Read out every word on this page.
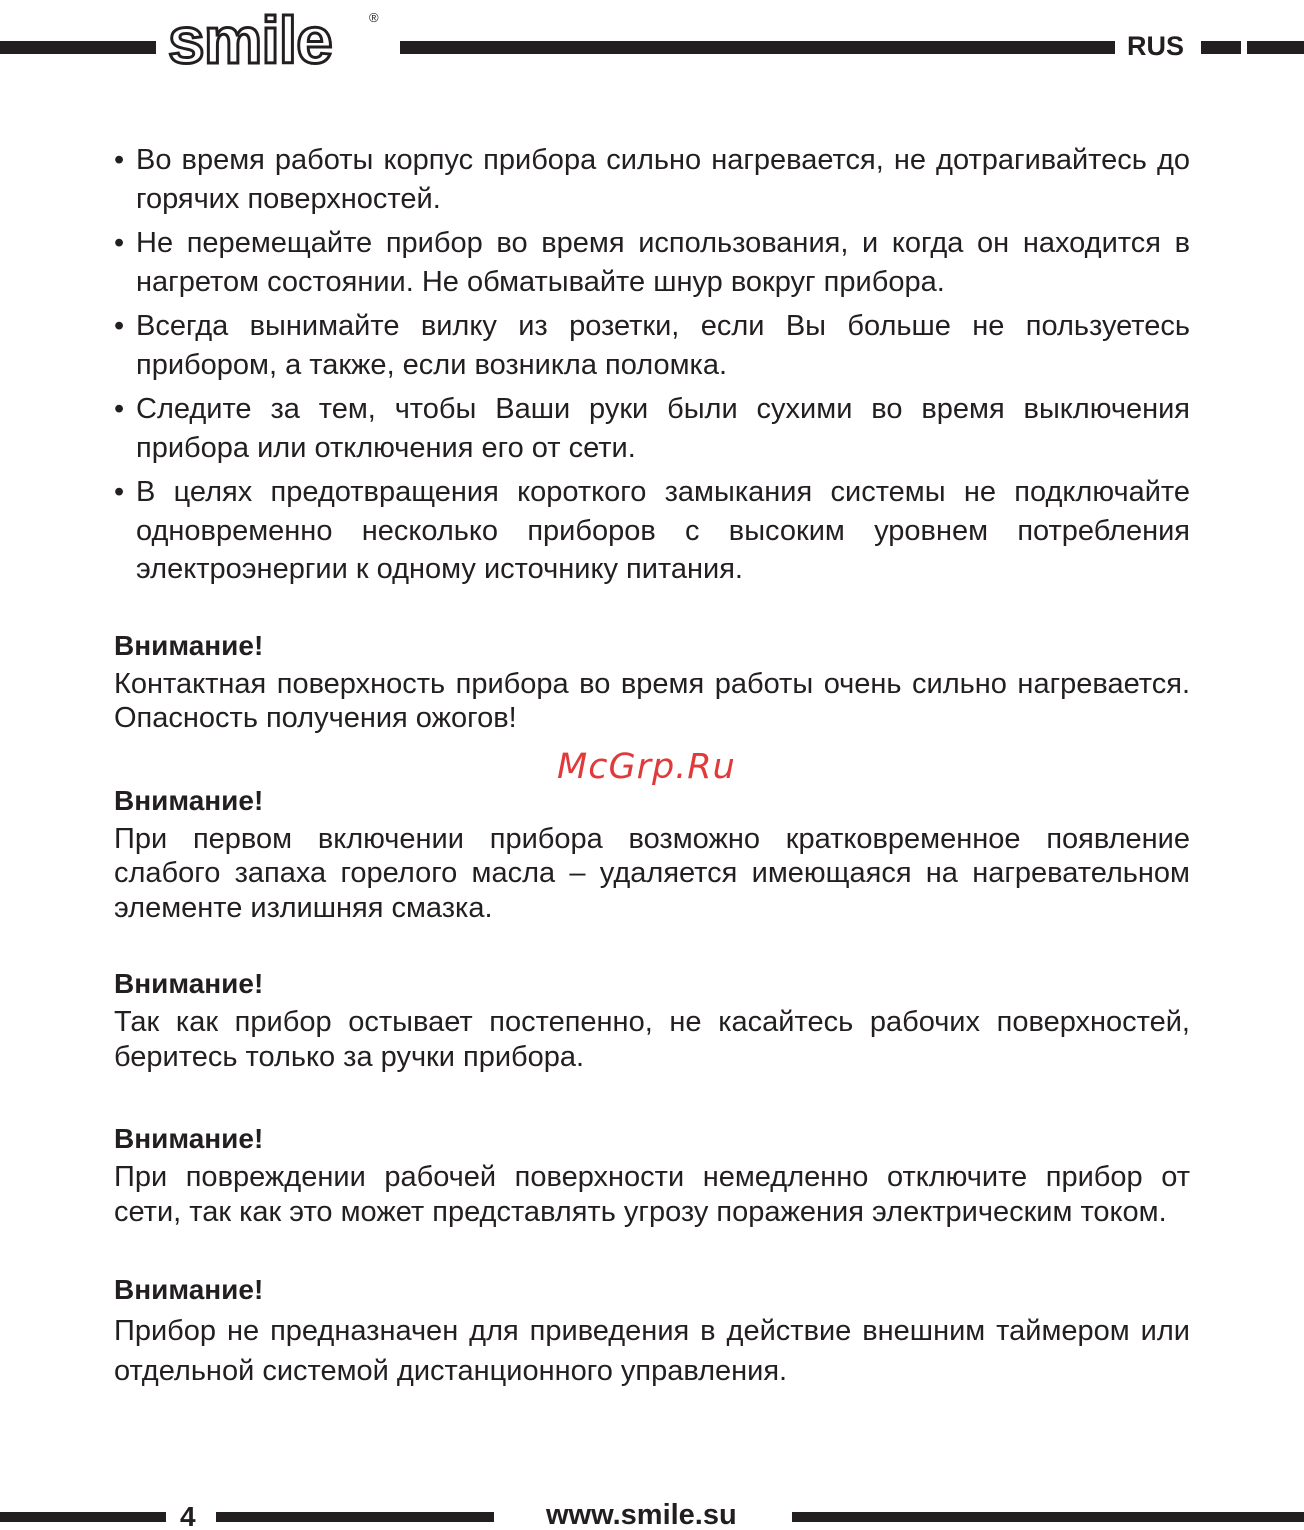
smile	®
RUS
• Во время работы корпус прибора сильно нагревается, не дотрагивайтесь до горячих поверхностей.
• Не перемещайте прибор во время использования, и когда он находится в нагретом состоянии. Не обматывайте шнур вокруг прибора.
• Всегда вынимайте вилку из розетки, если Вы больше не пользуетесь прибором, а также, если возникла поломка.
• Следите за тем, чтобы Ваши руки были сухими во время выключения прибора или отключения его от сети.
• В целях предотвращения короткого замыкания системы не подключайте одновременно несколько приборов с высоким уровнем потребления электроэнергии к одному источнику питания.
Внимание!

Контактная поверхность прибора во время работы очень сильно нагревается. Опасность получения ожогов!

Внимание!

При первом включении прибора возможно кратковременное появление слабого запаха горелого масла – удаляется имеющаяся на нагревательном элементе излишняя смазка.

Внимание!

Так как прибор остывает постепенно, не касайтесь рабочих поверхностей, беритесь только за ручки прибора.

Внимание!

При повреждении рабочей поверхности немедленно отключите прибор от сети, так как это может представлять угрозу поражения электрическим током.

Внимание!

Прибор не предназначен для приведения в действие внешним таймером или отдельной системой дистанционного управления.

McGrp.Ru
4	www.smile.su
